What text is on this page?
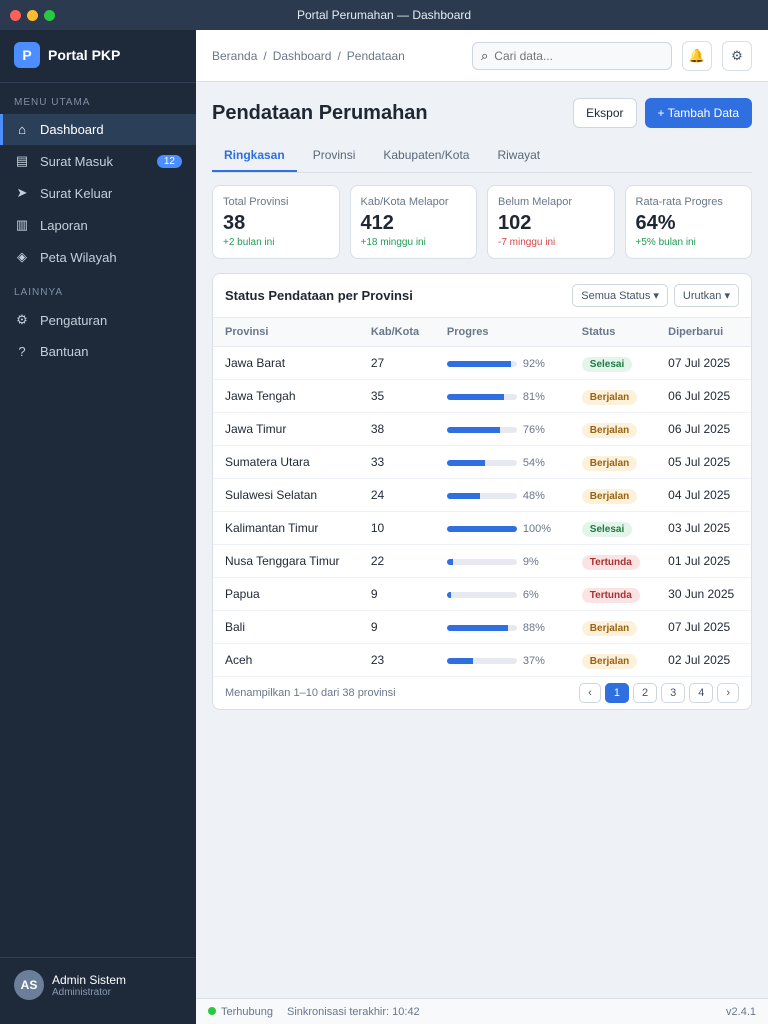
Portal Perumahan — Dashboard
P	Portal PKP
MENU UTAMA
⌂	Dashboard
▤ Surat Masuk	12
➤ Surat Keluar
▥ Laporan
◈ Peta Wilayah
LAINNYA
⚙ Pengaturan
?	Bantuan
AS	Admin Sistem
Administrator
Beranda / Dashboard / Pendataan	⌕
Cari data...	🔔 ⚙
Pendataan Perumahan	Ekspor	+ Tambah Data
Ringkasan	Provinsi	Kabupaten/Kota	Riwayat
Total Provinsi
38
+2 bulan ini
Kab/Kota Melapor
412
+18 minggu ini
Belum Melapor
102
-7 minggu ini
Rata-rata Progres
64%
+5% bulan ini
Status Pendataan per Provinsi	Semua Status ▾	Urutkan ▾
Provinsi	Kab/Kota	Progres	Status	Diperbarui
Jawa Barat	27	92%	Selesai	07 Jul 2025
Jawa Tengah	35	81%	Berjalan	06 Jul 2025
Jawa Timur	38	76%	Berjalan	06 Jul 2025
Sumatera Utara	33	54%	Berjalan	05 Jul 2025
Sulawesi Selatan	24	48%	Berjalan	04 Jul 2025
Kalimantan Timur	10	100%	Selesai	03 Jul 2025
Nusa Tenggara Timur	22	9%	Tertunda	01 Jul 2025
Papua	9	6%	Tertunda	30 Jun 2025
Bali	9	88%	Berjalan	07 Jul 2025
Aceh	23	37%	Berjalan	02 Jul 2025
Menampilkan 1–10 dari 38 provinsi	‹ 1 2 3 4 ›
Terhubung Sinkronisasi terakhir: 10:42	v2.4.1
